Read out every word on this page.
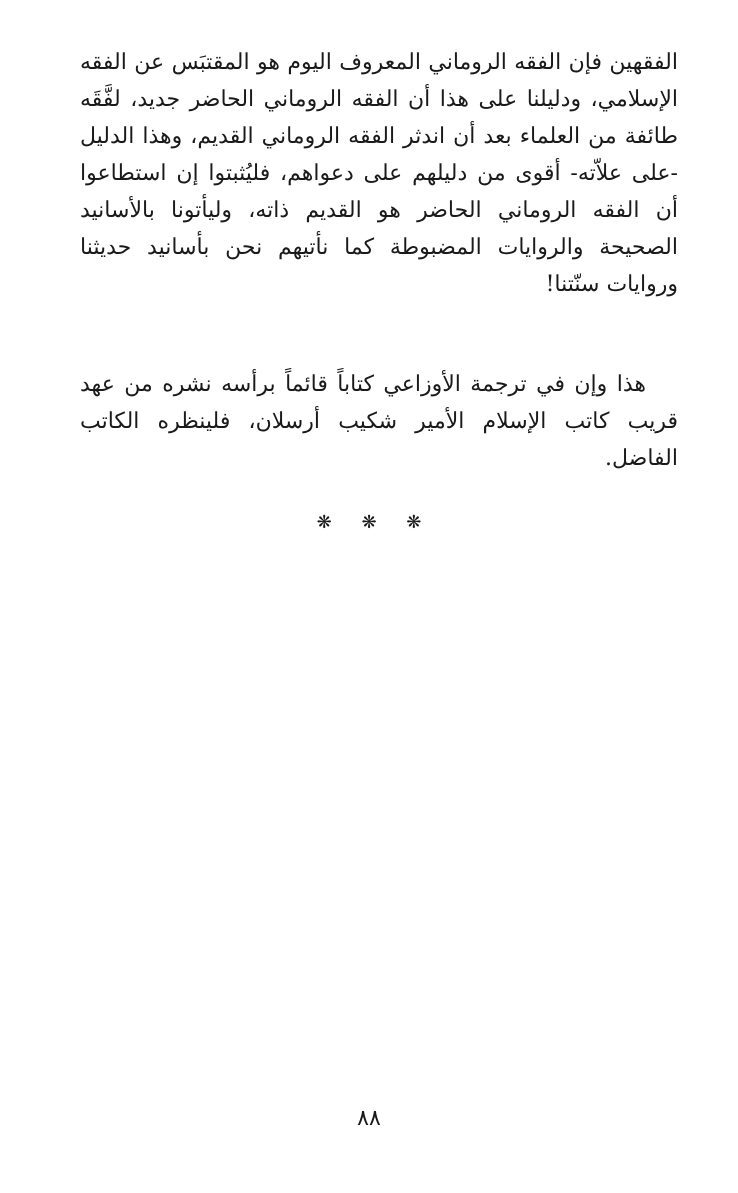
الفقهين فإن الفقه الروماني المعروف اليوم هو المقتبَس عن الفقه الإسلامي، ودليلنا على هذا أن الفقه الروماني الحاضر جديد، لفَّقَه طائفة من العلماء بعد أن اندثر الفقه الروماني القديم، وهذا الدليل -على علاّته- أقوى من دليلهم على دعواهم، فليُثبتوا إن استطاعوا أن الفقه الروماني الحاضر هو القديم ذاته، وليأتونا بالأسانيد الصحيحة والروايات المضبوطة كما نأتيهم نحن بأسانيد حديثنا وروايات سنّتنا!

هذا وإن في ترجمة الأوزاعي كتاباً قائماً برأسه نشره من عهد قريب كاتب الإسلام الأمير شكيب أرسلان، فلينظره الكاتب الفاضل.

❋ ❋ ❋
٨٨
